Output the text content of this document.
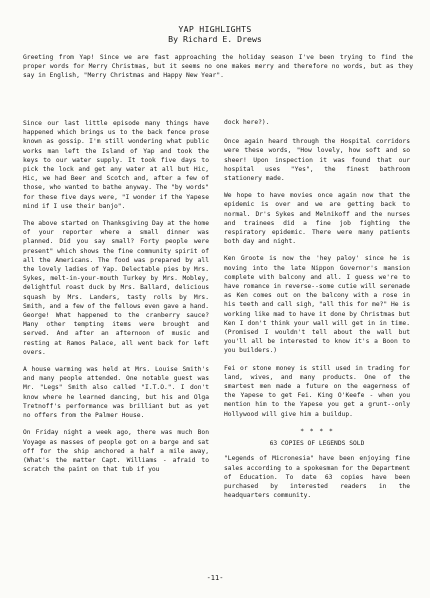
YAP HIGHLIGHTS
By Richard E. Drews
Greeting from Yap! Since we are fast approaching the holiday season I've been trying to find the proper words for Merry Christmas, but it seems no one makes merry and therefore no words, but as they say in English, "Merry Christmas and Happy New Year".

Since our last little episode many things have happened which brings us to the back fence prose known as gossip. I'm still wondering what public works man left the Island of Yap and took the keys to our water supply. It took five days to pick the lock and get any water at all but Hic, Hic, we had Beer and Scotch and, after a few of those, who wanted to bathe anyway. The "by words" for these five days were, "I wonder if the Yapese mind if I use their banjo".

The above started on Thanksgiving Day at the home of your reporter where a small dinner was planned. Did you say small? Forty people were present" which shows the fine community spirit of all the Americans. The food was prepared by all the lovely ladies of Yap. Delectable pies by Mrs. Sykes, melt-in-your-mouth Turkey by Mrs. Mobley, delightful roast duck by Mrs. Ballard, delicious squash by Mrs. Landers, tasty rolls by Mrs. Smith, and a few of the fellows even gave a hand. George! What happened to the cranberry sauce? Many other tempting items were brought and served. And after an afternoon of music and resting at Ramos Palace, all went back for left overs.

A house warming was held at Mrs. Louise Smith's and many people attended. One notable guest was Mr. "Legs" Smith also called "I.T.O.". I don't know where he learned dancing, but his and Olga Tretnoff's performance was brilliant but as yet no offers from the Palmer House.

On Friday night a week ago, there was much Bon Voyage as masses of people got on a barge and sat off for the ship anchored a half a mile away, (What's the matter Capt. Williams - afraid to scratch the paint on that tub if you

dock here?).

Once again heard through the Hospital corridors were these words, "How lovely, how soft and so sheer! Upon inspection it was found that our hospital uses "Yes", the finest bathroom stationery made.

We hope to have movies once again now that the epidemic is over and we are getting back to normal. Dr's Sykes and Melnikoff and the nurses and trainees did a fine job fighting the respiratory epidemic. There were many patients both day and night.

Ken Groote is now the 'hey paloy' since he is moving into the late Nippon Governor's mansion complete with balcony and all. I guess we're to have romance in reverse--some cutie will serenade as Ken comes out on the balcony with a rose in his teeth and call sigh, "all this for me?" He is working like mad to have it done by Christmas but Ken I don't think your wall will get in in time. (Promised I wouldn't tell about the wall but you'll all be interested to know it's a Boon to you builders.)

Fei or stone money is still used in trading for land, wives, and many products. One of the smartest men made a future on the eagerness of the Yapese to get Fei. King O'Keefe - when you mention him to the Yapese you get a grunt--only Hollywood will give him a buildup.

* * * *
63 COPIES OF LEGENDS SOLD

"Legends of Micronesia" have been enjoying fine sales according to a spokesman for the Department of Education. To date 63 copies have been purchased by interested readers in the headquarters community.

-11-
